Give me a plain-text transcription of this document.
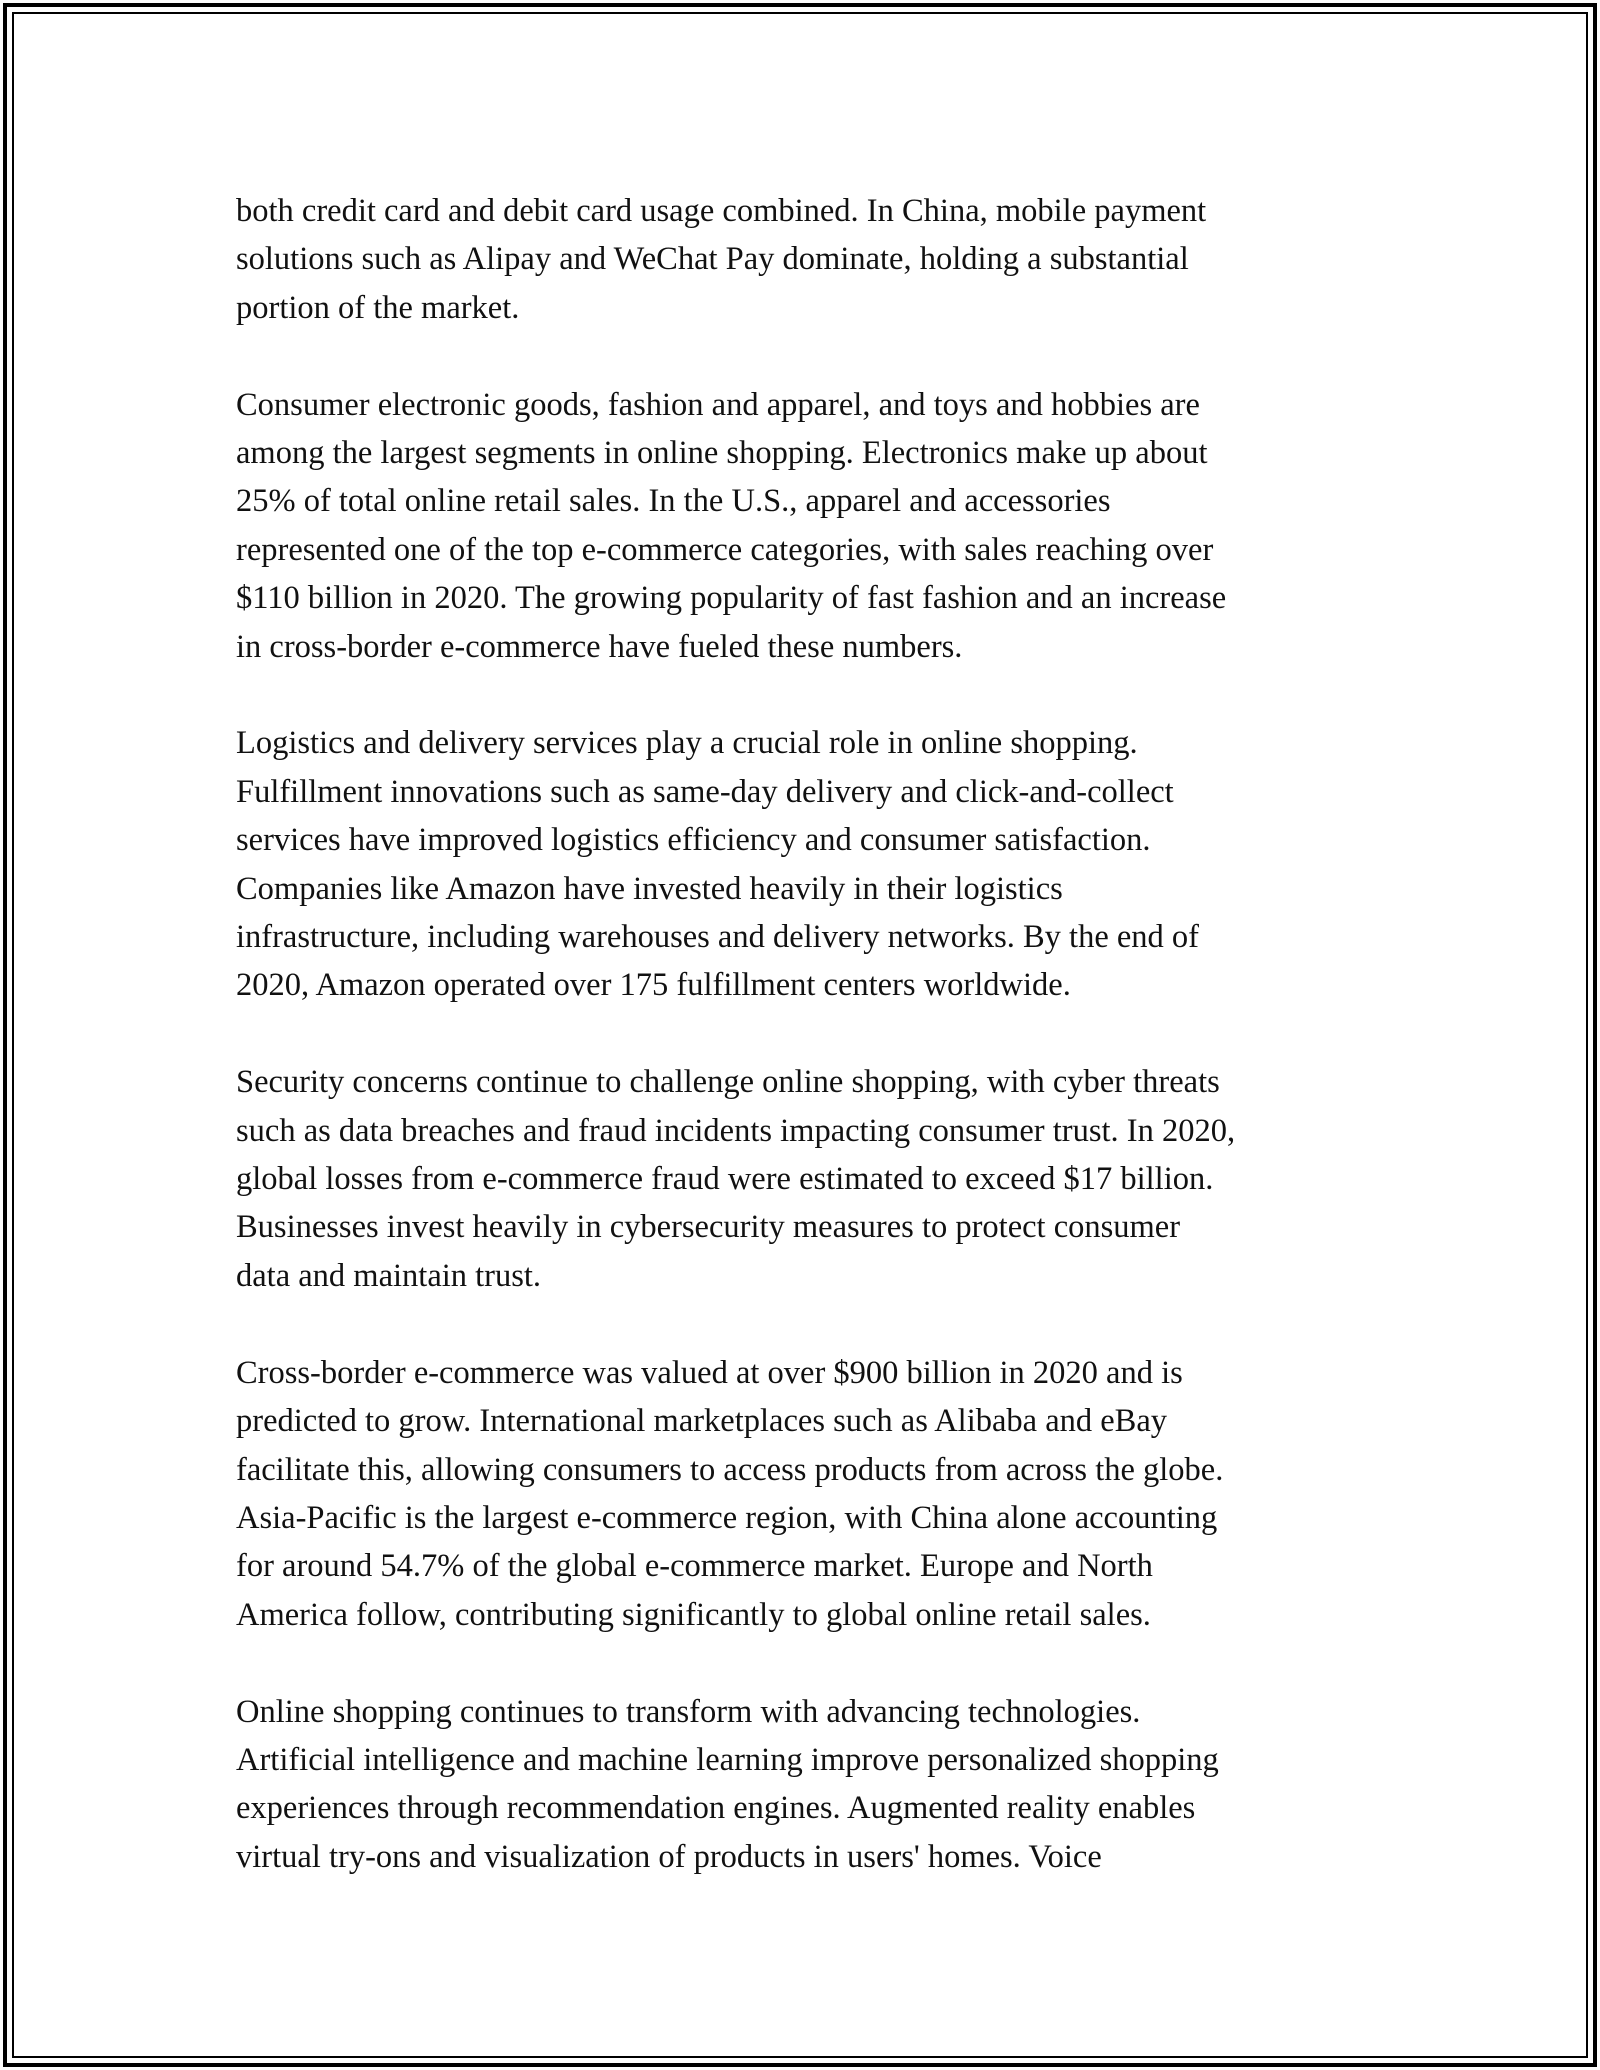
both credit card and debit card usage combined. In China, mobile payment
solutions such as Alipay and WeChat Pay dominate, holding a substantial
portion of the market.

Consumer electronic goods, fashion and apparel, and toys and hobbies are
among the largest segments in online shopping. Electronics make up about
25% of total online retail sales. In the U.S., apparel and accessories
represented one of the top e-commerce categories, with sales reaching over
$110 billion in 2020. The growing popularity of fast fashion and an increase
in cross-border e-commerce have fueled these numbers.

Logistics and delivery services play a crucial role in online shopping.
Fulfillment innovations such as same-day delivery and click-and-collect
services have improved logistics efficiency and consumer satisfaction.
Companies like Amazon have invested heavily in their logistics
infrastructure, including warehouses and delivery networks. By the end of
2020, Amazon operated over 175 fulfillment centers worldwide.

Security concerns continue to challenge online shopping, with cyber threats
such as data breaches and fraud incidents impacting consumer trust. In 2020,
global losses from e-commerce fraud were estimated to exceed $17 billion.
Businesses invest heavily in cybersecurity measures to protect consumer
data and maintain trust.

Cross-border e-commerce was valued at over $900 billion in 2020 and is
predicted to grow. International marketplaces such as Alibaba and eBay
facilitate this, allowing consumers to access products from across the globe.
Asia-Pacific is the largest e-commerce region, with China alone accounting
for around 54.7% of the global e-commerce market. Europe and North
America follow, contributing significantly to global online retail sales.

Online shopping continues to transform with advancing technologies.
Artificial intelligence and machine learning improve personalized shopping
experiences through recommendation engines. Augmented reality enables
virtual try-ons and visualization of products in users' homes. Voice
